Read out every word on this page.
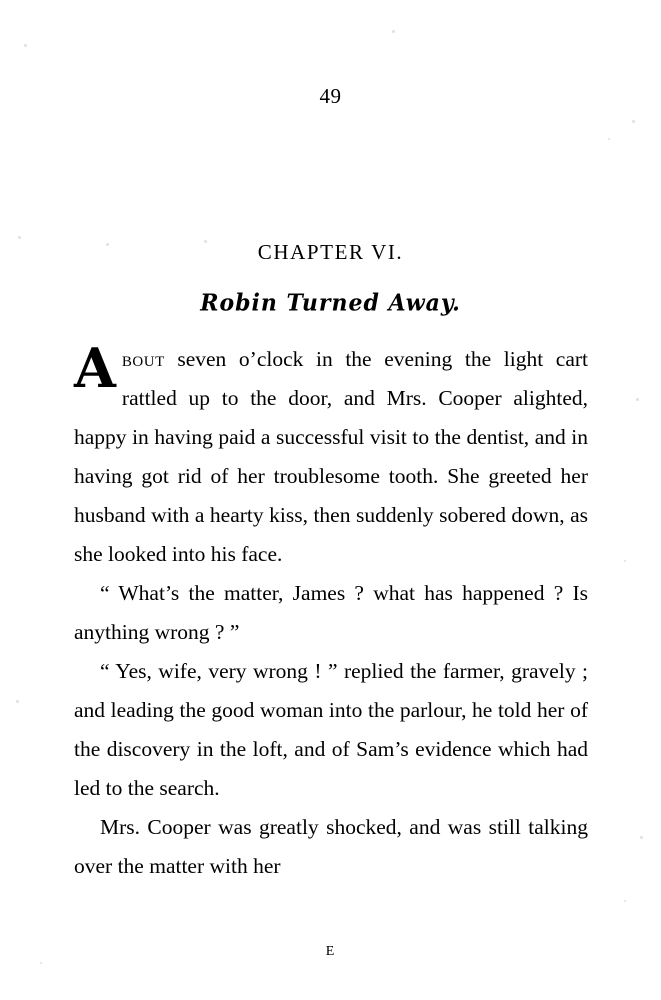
49
CHAPTER VI.
Robin Turned Away.

About seven o’clock in the evening the light cart rattled up to the door, and Mrs. Cooper alighted, happy in having paid a successful visit to the dentist, and in having got rid of her troublesome tooth. She greeted her husband with a hearty kiss, then suddenly sobered down, as she looked into his face.

“ What’s the matter, James ? what has happened ? Is anything wrong ? ”

“ Yes, wife, very wrong ! ” replied the farmer, gravely ; and leading the good woman into the parlour, he told her of the discovery in the loft, and of Sam’s evidence which had led to the search.

Mrs. Cooper was greatly shocked, and was still talking over the matter with her

E
